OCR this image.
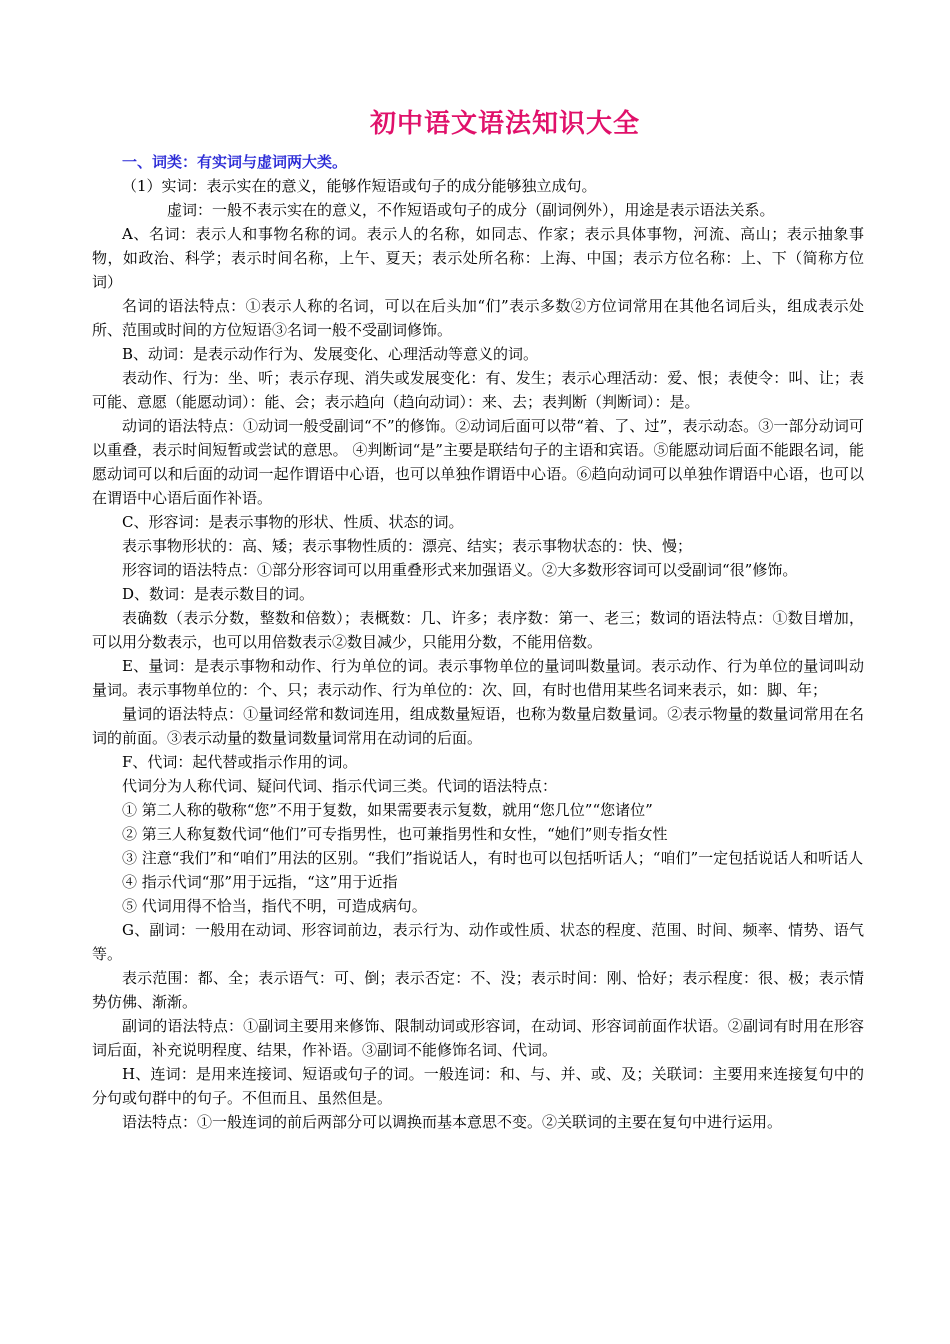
初中语文语法知识大全

一、词类：有实词与虚词两大类。

（1）实词：表示实在的意义，能够作短语或句子的成分能够独立成句。

虚词：一般不表示实在的意义，不作短语或句子的成分（副词例外），用途是表示语法关系。

A、名词：表示人和事物名称的词。表示人的名称，如同志、作家；表示具体事物，河流、高山；表示抽象事物，如政治、科学；表示时间名称，上午、夏天；表示处所名称：上海、中国；表示方位名称：上、下（简称方位词）

名词的语法特点：①表示人称的名词，可以在后头加“们”表示多数②方位词常用在其他名词后头，组成表示处所、范围或时间的方位短语③名词一般不受副词修饰。

B、动词：是表示动作行为、发展变化、心理活动等意义的词。

表动作、行为：坐、听；表示存现、消失或发展变化：有、发生；表示心理活动：爱、恨；表使令：叫、让；表可能、意愿（能愿动词）：能、会；表示趋向（趋向动词）：来、去；表判断（判断词）：是。

动词的语法特点：①动词一般受副词“不”的修饰。②动词后面可以带“着、了、过”，表示动态。③一部分动词可以重叠，表示时间短暂或尝试的意思。 ④判断词“是”主要是联结句子的主语和宾语。⑤能愿动词后面不能跟名词，能愿动词可以和后面的动词一起作谓语中心语，也可以单独作谓语中心语。⑥趋向动词可以单独作谓语中心语，也可以在谓语中心语后面作补语。

C、形容词：是表示事物的形状、性质、状态的词。

表示事物形状的：高、矮；表示事物性质的：漂亮、结实；表示事物状态的：快、慢；

形容词的语法特点：①部分形容词可以用重叠形式来加强语义。②大多数形容词可以受副词“很”修饰。

D、数词：是表示数目的词。

表确数（表示分数，整数和倍数）；表概数：几、许多；表序数：第一、老三；数词的语法特点：①数目增加，可以用分数表示，也可以用倍数表示②数目减少，只能用分数，不能用倍数。

E、量词：是表示事物和动作、行为单位的词。表示事物单位的量词叫数量词。表示动作、行为单位的量词叫动量词。表示事物单位的：个、只；表示动作、行为单位的：次、回，有时也借用某些名词来表示，如：脚、年；

量词的语法特点：①量词经常和数词连用，组成数量短语，也称为数量启数量词。②表示物量的数量词常用在名词的前面。③表示动量的数量词数量词常用在动词的后面。

F、代词：起代替或指示作用的词。

代词分为人称代词、疑问代词、指示代词三类。代词的语法特点：

① 第二人称的敬称“您”不用于复数，如果需要表示复数，就用“您几位”“您诸位”

② 第三人称复数代词“他们”可专指男性，也可兼指男性和女性，“她们”则专指女性

③ 注意“我们”和“咱们”用法的区别。“我们”指说话人，有时也可以包括听话人；“咱们”一定包括说话人和听话人

④ 指示代词“那”用于远指，“这”用于近指

⑤ 代词用得不恰当，指代不明，可造成病句。

G、副词：一般用在动词、形容词前边，表示行为、动作或性质、状态的程度、范围、时间、频率、情势、语气等。

表示范围：都、全；表示语气：可、倒；表示否定：不、没；表示时间：刚、恰好；表示程度：很、极；表示情势仿佛、渐渐。

副词的语法特点：①副词主要用来修饰、限制动词或形容词，在动词、形容词前面作状语。②副词有时用在形容词后面，补充说明程度、结果，作补语。③副词不能修饰名词、代词。

H、连词：是用来连接词、短语或句子的词。一般连词：和、与、并、或、及；关联词：主要用来连接复句中的分句或句群中的句子。不但而且、虽然但是。

语法特点：①一般连词的前后两部分可以调换而基本意思不变。②关联词的主要在复句中进行运用。
